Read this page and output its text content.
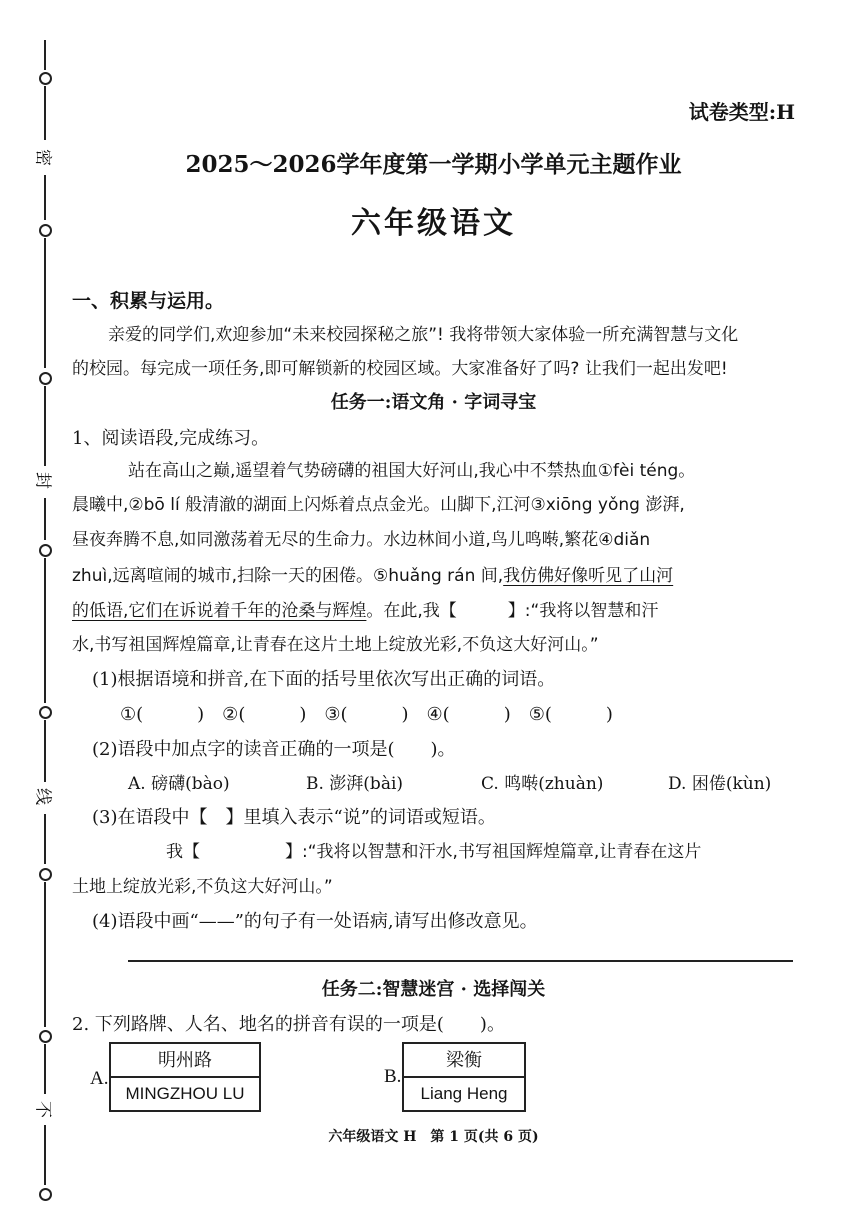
密
封
线
不
试卷类型:H
2025～2026学年度第一学期小学单元主题作业
六年级语文
一、积累与运用。
亲爱的同学们,欢迎参加“未来校园探秘之旅”! 我将带领大家体验一所充满智慧与文化
的校园。每完成一项任务,即可解锁新的校园区域。大家准备好了吗? 让我们一起出发吧!
任务一:语文角 · 字词寻宝
1、阅读语段,完成练习。
站在高山之巅,遥望着气势磅礴的祖国大好河山,我心中不禁热血①fèi téng。
晨曦中,②bō lí 般清澈的湖面上闪烁着点点金光。山脚下,江河③xiōng yǒng 澎湃,
昼夜奔腾不息,如同激荡着无尽的生命力。水边林间小道,鸟儿鸣啭,繁花④diǎn
zhuì,远离喧闹的城市,扫除一天的困倦。⑤huǎng rán 间,我仿佛好像听见了山河
的低语,它们在诉说着千年的沧桑与辉煌。在此,我【　　　】:“我将以智慧和汗
水,书写祖国辉煌篇章,让青春在这片土地上绽放光彩,不负这大好河山。”
(1)根据语境和拼音,在下面的括号里依次写出正确的词语。
①(　　　)　②(　　　)　③(　　　)　④(　　　)　⑤(　　　)
(2)语段中加点字的读音正确的一项是(　　)。
A. 磅礴(bào)	B. 澎湃(bài)	C. 鸣啭(zhuàn)	D. 困倦(kùn)
(3)在语段中【　】里填入表示“说”的词语或短语。
我【　　　　　】:“我将以智慧和汗水,书写祖国辉煌篇章,让青春在这片
土地上绽放光彩,不负这大好河山。”
(4)语段中画“——”的句子有一处语病,请写出修改意见。
任务二:智慧迷宫 · 选择闯关
2. 下列路牌、人名、地名的拼音有误的一项是(　　)。
A.
明州路
MINGZHOU LU
B.
梁衡
Liang Heng
六年级语文 H　第 1 页(共 6 页)
